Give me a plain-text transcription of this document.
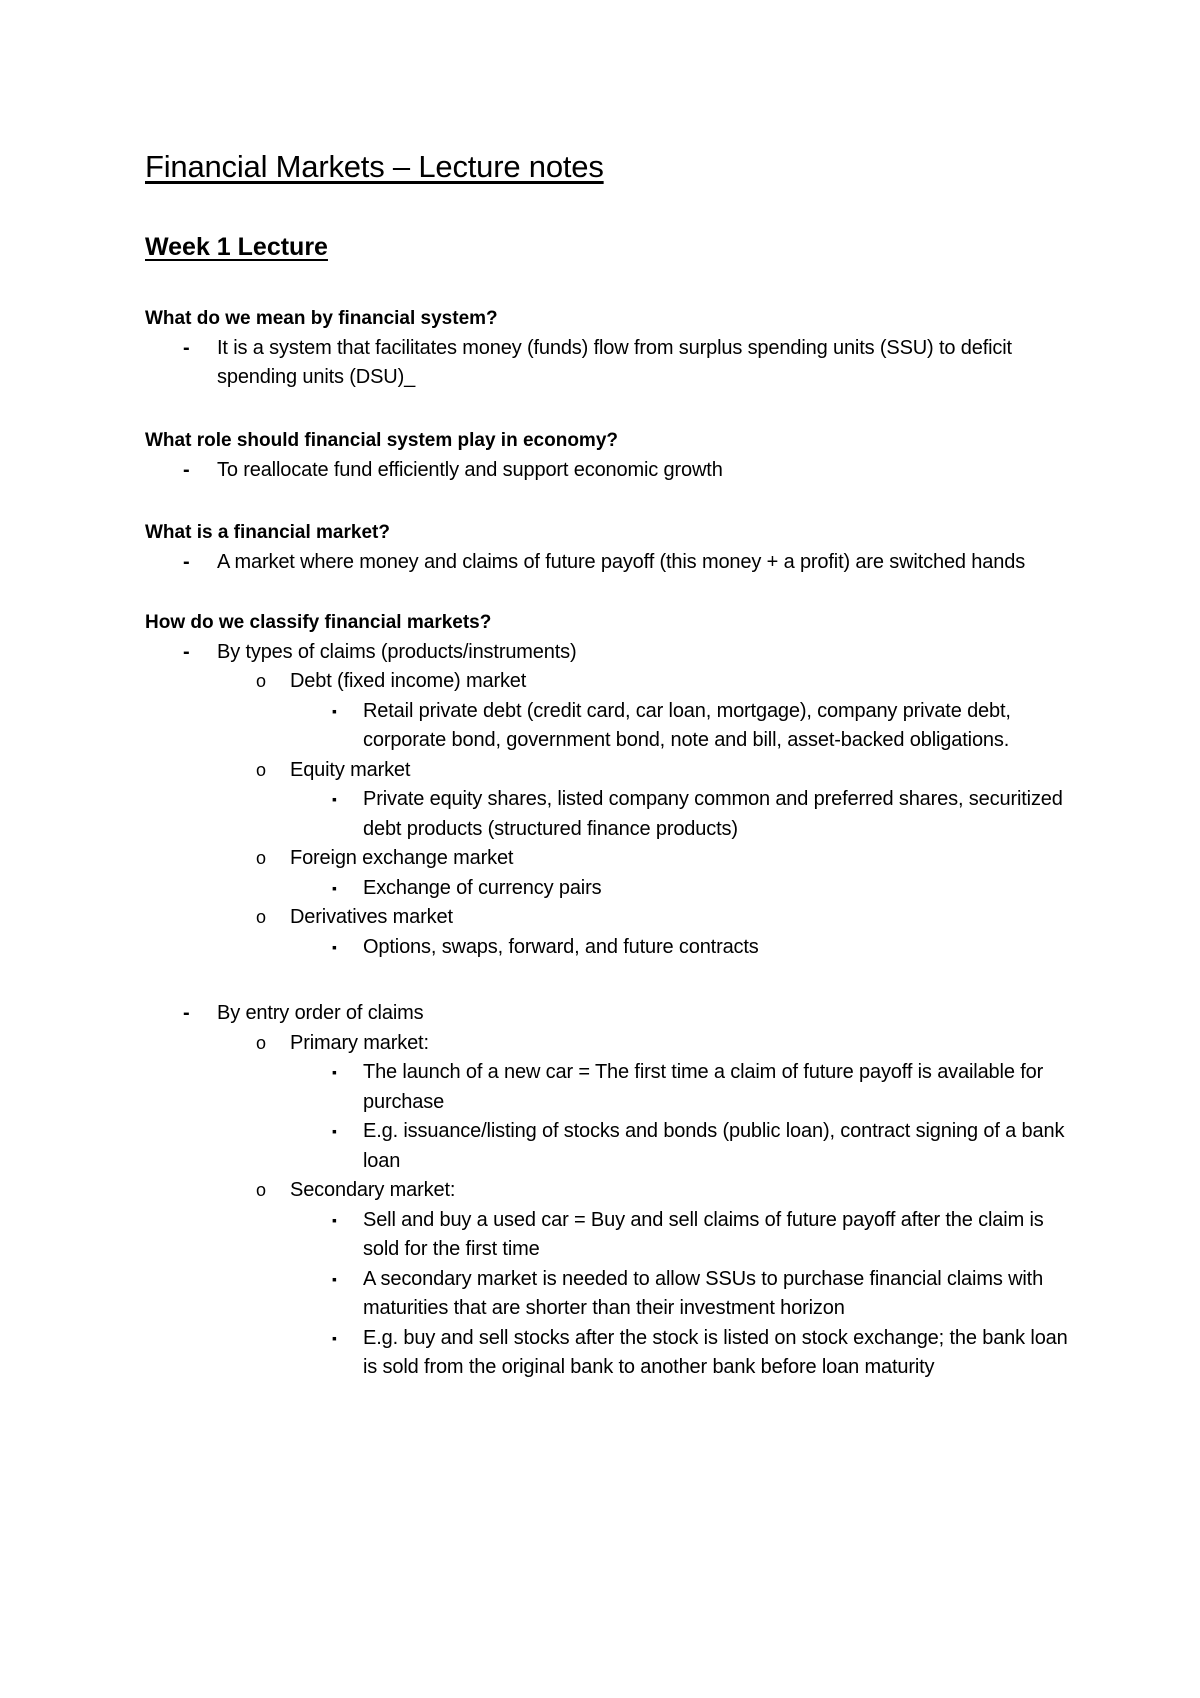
Financial Markets – Lecture notes
Week 1 Lecture

What do we mean by financial system?

- It is a system that facilitates money (funds) flow from surplus spending units (SSU) to deficit spending units (DSU)_

What role should financial system play in economy?

- To reallocate fund efficiently and support economic growth

What is a financial market?

- A market where money and claims of future payoff (this money + a profit) are switched hands

How do we classify financial markets?

- By types of claims (products/instruments)
o Debt (fixed income) market
▪ Retail private debt (credit card, car loan, mortgage), company private debt, corporate bond, government bond, note and bill, asset-backed obligations.
o Equity market
▪ Private equity shares, listed company common and preferred shares, securitized debt products (structured finance products)
o Foreign exchange market
▪ Exchange of currency pairs
o Derivatives market
▪ Options, swaps, forward, and future contracts
- By entry order of claims
o Primary market:
▪ The launch of a new car = The first time a claim of future payoff is available for purchase
▪ E.g. issuance/listing of stocks and bonds (public loan), contract signing of a bank loan
o Secondary market:
▪ Sell and buy a used car = Buy and sell claims of future payoff after the claim is sold for the first time
▪ A secondary market is needed to allow SSUs to purchase financial claims with maturities that are shorter than their investment horizon
▪ E.g. buy and sell stocks after the stock is listed on stock exchange; the bank loan is sold from the original bank to another bank before loan maturity
